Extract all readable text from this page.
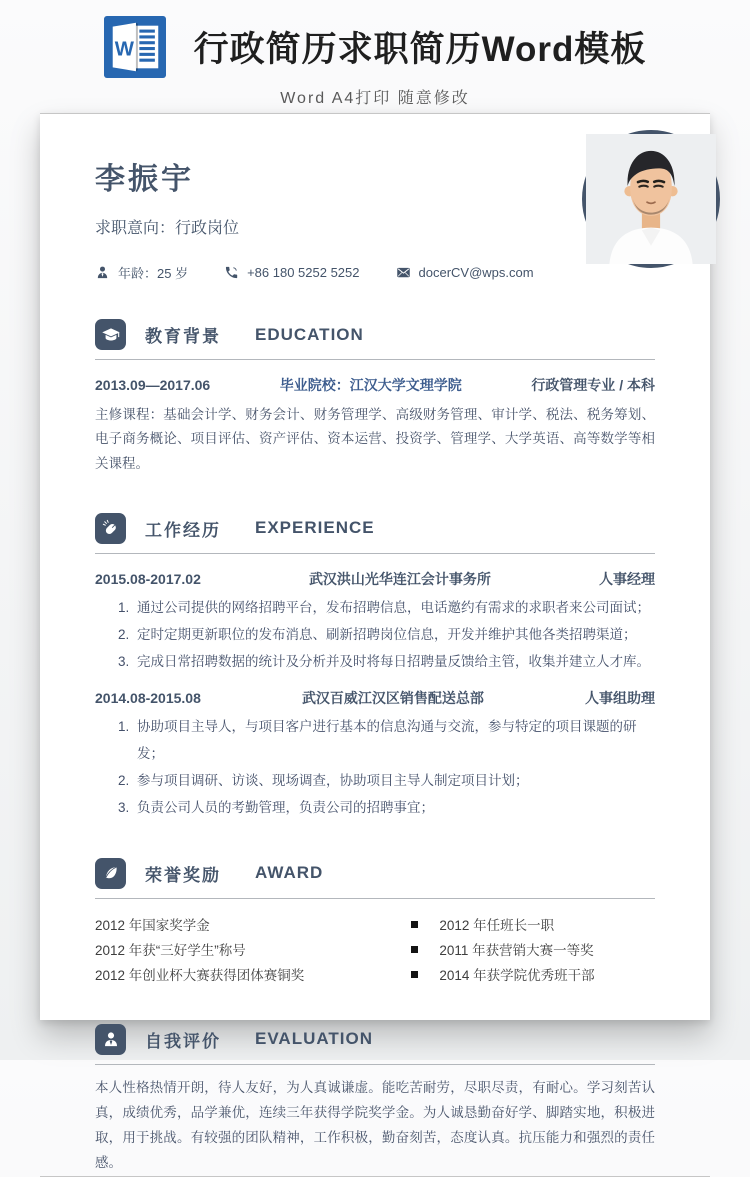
W 行政简历求职简历Word模板
Word A4打印 随意修改
李振宇
求职意向：行政岗位
年龄：25 岁	+86 180 5252 5252	docerCV@wps.com
教育背景 EDUCATION
2013.09—2017.06	毕业院校：江汉大学文理学院	行政管理专业 / 本科
主修课程：基础会计学、财务会计、财务管理学、高级财务管理、审计学、税法、税务筹划、电子商务概论、项目评估、资产评估、资本运营、投资学、管理学、大学英语、高等数学等相关课程。
工作经历 EXPERIENCE
2015.08-2017.02	武汉洪山光华连江会计事务所	人事经理
1. 通过公司提供的网络招聘平台，发布招聘信息，电话邀约有需求的求职者来公司面试；
2. 定时定期更新职位的发布消息、刷新招聘岗位信息，开发并维护其他各类招聘渠道；
3. 完成日常招聘数据的统计及分析并及时将每日招聘量反馈给主管，收集并建立人才库。
2014.08-2015.08	武汉百威江汉区销售配送总部	人事组助理
1. 协助项目主导人，与项目客户进行基本的信息沟通与交流，参与特定的项目课题的研发；
2. 参与项目调研、访谈、现场调查，协助项目主导人制定项目计划；
3. 负责公司人员的考勤管理，负责公司的招聘事宜；
荣誉奖励 AWARD
2012 年国家奖学金
2012 年获“三好学生”称号
2012 年创业杯大赛获得团体赛铜奖
2012 年任班长一职
2011 年获营销大赛一等奖
2014 年获学院优秀班干部
自我评价 EVALUATION
本人性格热情开朗，待人友好，为人真诚谦虚。能吃苦耐劳，尽职尽责，有耐心。学习刻苦认真，成绩优秀，品学兼优，连续三年获得学院奖学金。为人诚恳勤奋好学、脚踏实地，积极进取，用于挑战。有较强的团队精神，工作积极，勤奋刻苦，态度认真。抗压能力和强烈的责任感。
